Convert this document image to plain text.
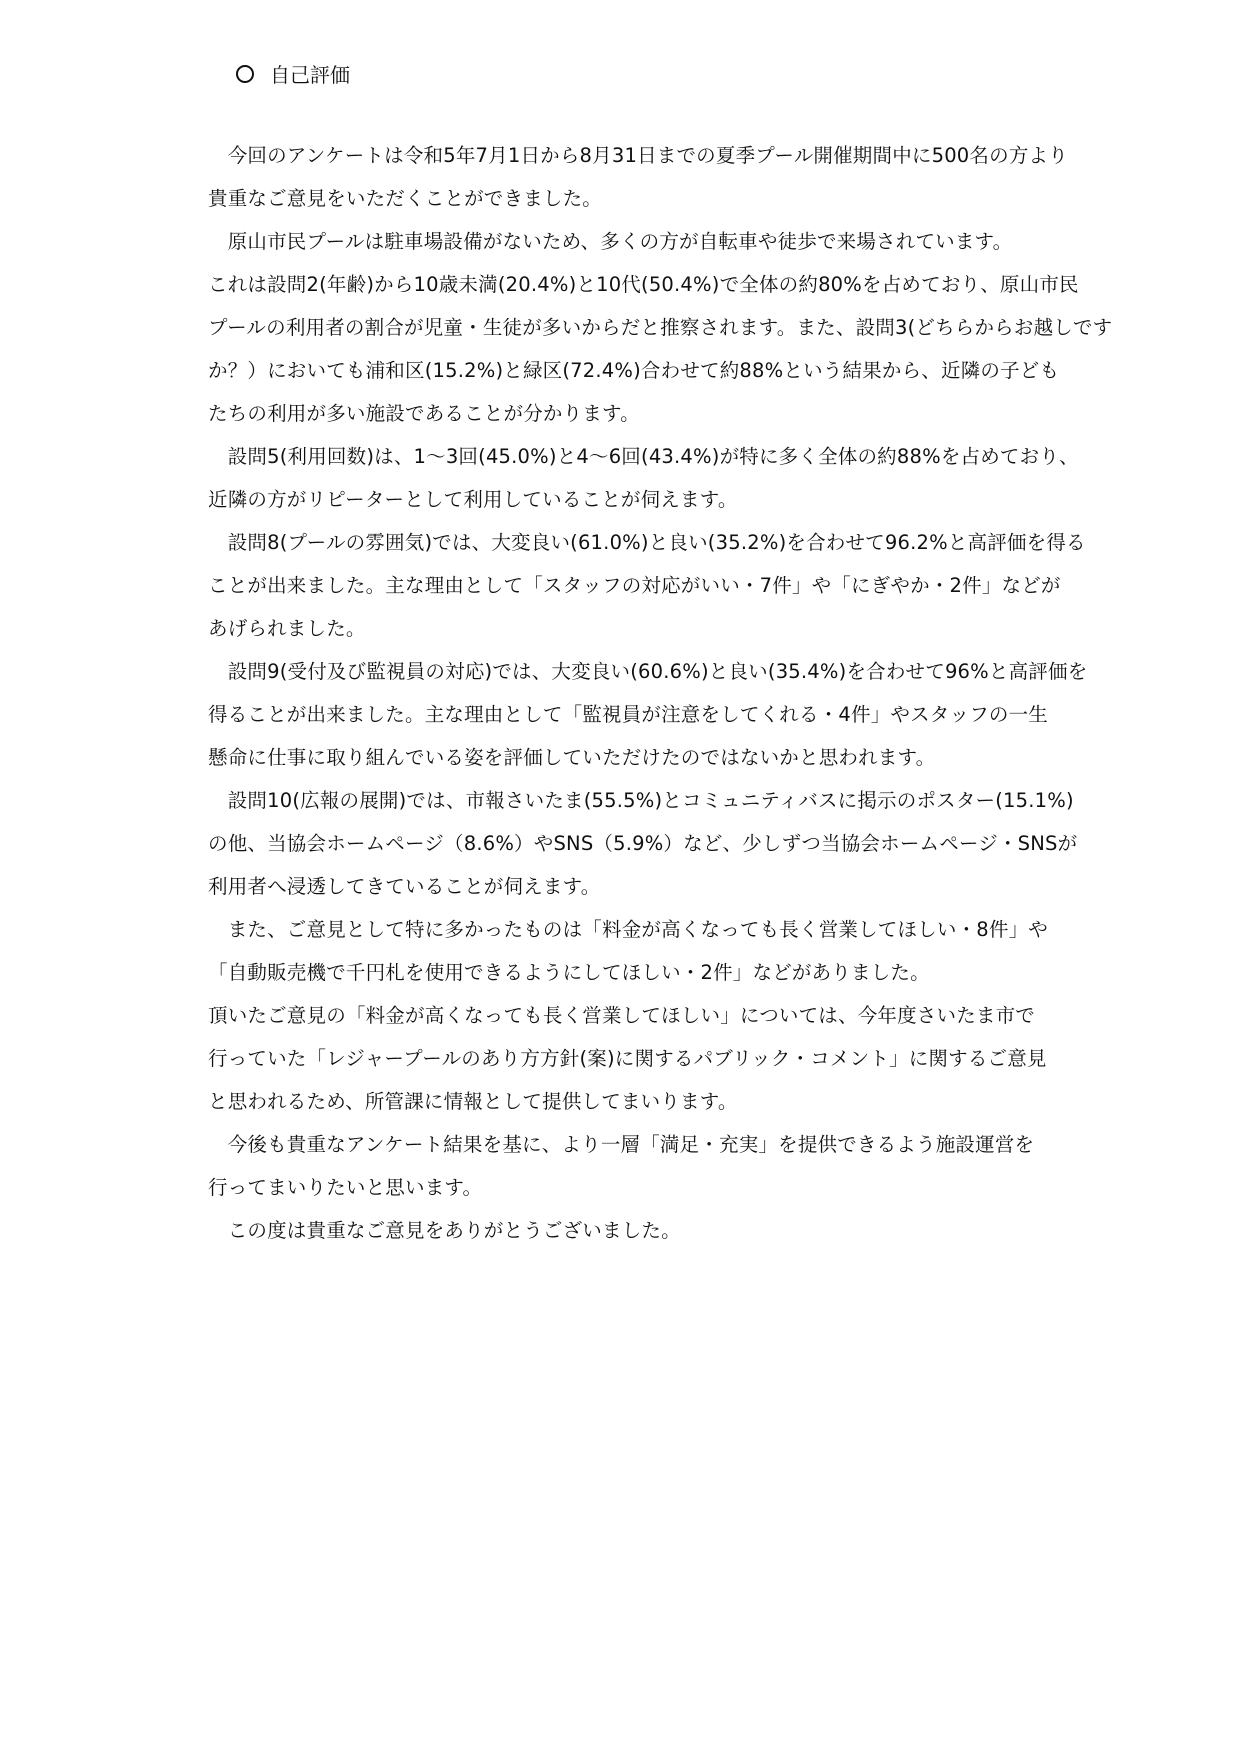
自己評価
　今回のアンケートは令和5年7月1日から8月31日までの夏季プール開催期間中に500名の方より
貴重なご意見をいただくことができました。
　原山市民プールは駐車場設備がないため、多くの方が自転車や徒歩で来場されています。
これは設問2(年齢)から10歳未満(20.4%)と10代(50.4%)で全体の約80%を占めており、原山市民
プールの利用者の割合が児童・生徒が多いからだと推察されます。また、設問3(どちらからお越しです
か？）においても浦和区(15.2%)と緑区(72.4%)合わせて約88%という結果から、近隣の子ども
たちの利用が多い施設であることが分かります。
　設問5(利用回数)は、1～3回(45.0%)と4～6回(43.4%)が特に多く全体の約88%を占めており、
近隣の方がリピーターとして利用していることが伺えます。
　設問8(プールの雰囲気)では、大変良い(61.0%)と良い(35.2%)を合わせて96.2%と高評価を得る
ことが出来ました。主な理由として「スタッフの対応がいい・7件」や「にぎやか・2件」などが
あげられました。
　設問9(受付及び監視員の対応)では、大変良い(60.6%)と良い(35.4%)を合わせて96%と高評価を
得ることが出来ました。主な理由として「監視員が注意をしてくれる・4件」やスタッフの一生
懸命に仕事に取り組んでいる姿を評価していただけたのではないかと思われます。
　設問10(広報の展開)では、市報さいたま(55.5%)とコミュニティバスに掲示のポスター(15.1%)
の他、当協会ホームページ（8.6%）やSNS（5.9%）など、少しずつ当協会ホームページ・SNSが
利用者へ浸透してきていることが伺えます。
　また、ご意見として特に多かったものは「料金が高くなっても長く営業してほしい・8件」や
「自動販売機で千円札を使用できるようにしてほしい・2件」などがありました。
頂いたご意見の「料金が高くなっても長く営業してほしい」については、今年度さいたま市で
行っていた「レジャープールのあり方方針(案)に関するパブリック・コメント」に関するご意見
と思われるため、所管課に情報として提供してまいります。
　今後も貴重なアンケート結果を基に、より一層「満足・充実」を提供できるよう施設運営を
行ってまいりたいと思います。
　この度は貴重なご意見をありがとうございました。
